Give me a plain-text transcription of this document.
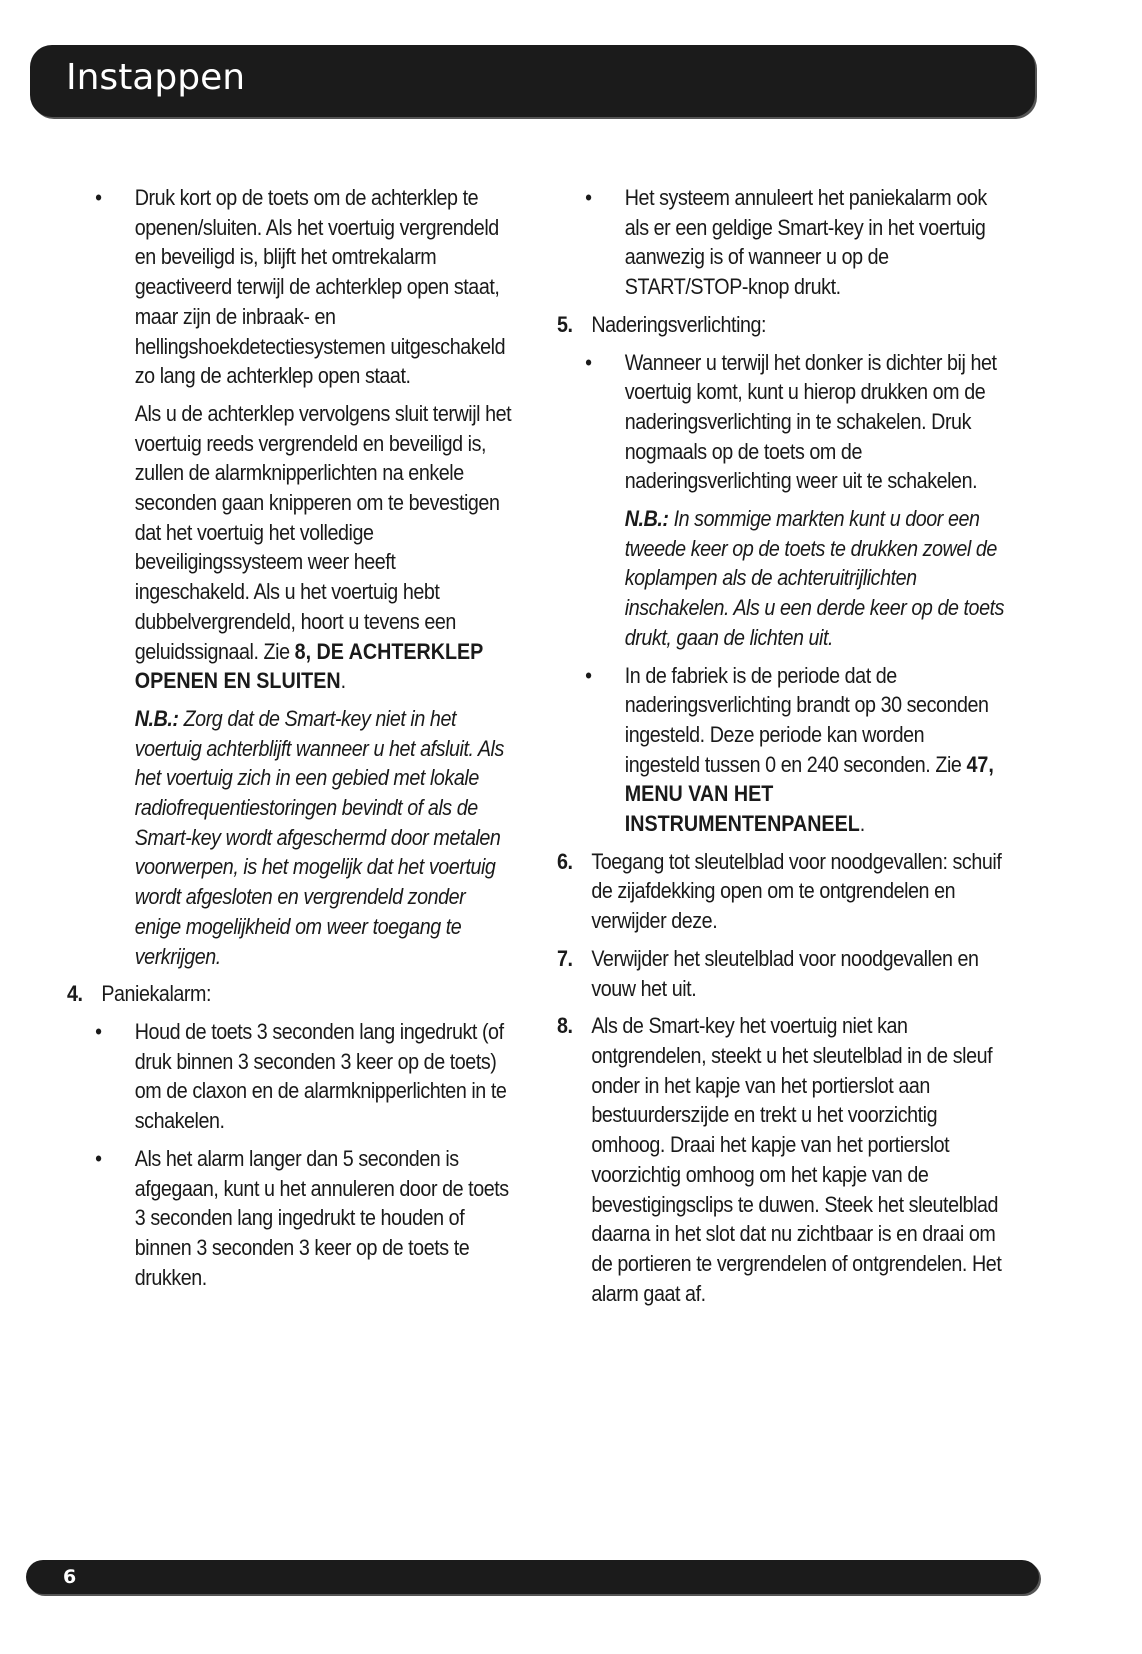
Instappen
• Druk kort op de toets om de achterklep te openen/sluiten. Als het voertuig vergrendeld en beveiligd is, blijft het omtrekalarm geactiveerd terwijl de achterklep open staat, maar zijn de inbraak- en hellingshoekdetectiesystemen uitgeschakeld zo lang de achterklep open staat.
Als u de achterklep vervolgens sluit terwijl het voertuig reeds vergrendeld en beveiligd is, zullen de alarmknipperlichten na enkele seconden gaan knipperen om te bevestigen dat het voertuig het volledige beveiligingssysteem weer heeft ingeschakeld. Als u het voertuig hebt dubbelvergrendeld, hoort u tevens een geluidssignaal. Zie 8, DE ACHTERKLEP OPENEN EN SLUITEN.
N.B.: Zorg dat de Smart-key niet in het voertuig achterblijft wanneer u het afsluit. Als het voertuig zich in een gebied met lokale radiofrequentiestoringen bevindt of als de Smart-key wordt afgeschermd door metalen voorwerpen, is het mogelijk dat het voertuig wordt afgesloten en vergrendeld zonder enige mogelijkheid om weer toegang te verkrijgen.
4. Paniekalarm:
• Houd de toets 3 seconden lang ingedrukt (of druk binnen 3 seconden 3 keer op de toets) om de claxon en de alarmknipperlichten in te schakelen.
• Als het alarm langer dan 5 seconden is afgegaan, kunt u het annuleren door de toets 3 seconden lang ingedrukt te houden of binnen 3 seconden 3 keer op de toets te drukken.
• Het systeem annuleert het paniekalarm ook als er een geldige Smart-key in het voertuig aanwezig is of wanneer u op de START/STOP-knop drukt.
5. Naderingsverlichting:
• Wanneer u terwijl het donker is dichter bij het voertuig komt, kunt u hierop drukken om de naderingsverlichting in te schakelen. Druk nogmaals op de toets om de naderingsverlichting weer uit te schakelen.
N.B.: In sommige markten kunt u door een tweede keer op de toets te drukken zowel de koplampen als de achteruitrijlichten inschakelen. Als u een derde keer op de toets drukt, gaan de lichten uit.
• In de fabriek is de periode dat de naderingsverlichting brandt op 30 seconden ingesteld. Deze periode kan worden ingesteld tussen 0 en 240 seconden. Zie 47, MENU VAN HET INSTRUMENTENPANEEL.
6. Toegang tot sleutelblad voor noodgevallen: schuif de zijafdekking open om te ontgrendelen en verwijder deze.
7. Verwijder het sleutelblad voor noodgevallen en vouw het uit.
8. Als de Smart-key het voertuig niet kan ontgrendelen, steekt u het sleutelblad in de sleuf onder in het kapje van het portierslot aan bestuurderszijde en trekt u het voorzichtig omhoog. Draai het kapje van het portierslot voorzichtig omhoog om het kapje van de bevestigingsclips te duwen. Steek het sleutelblad daarna in het slot dat nu zichtbaar is en draai om de portieren te vergrendelen of ontgrendelen. Het alarm gaat af.
6
